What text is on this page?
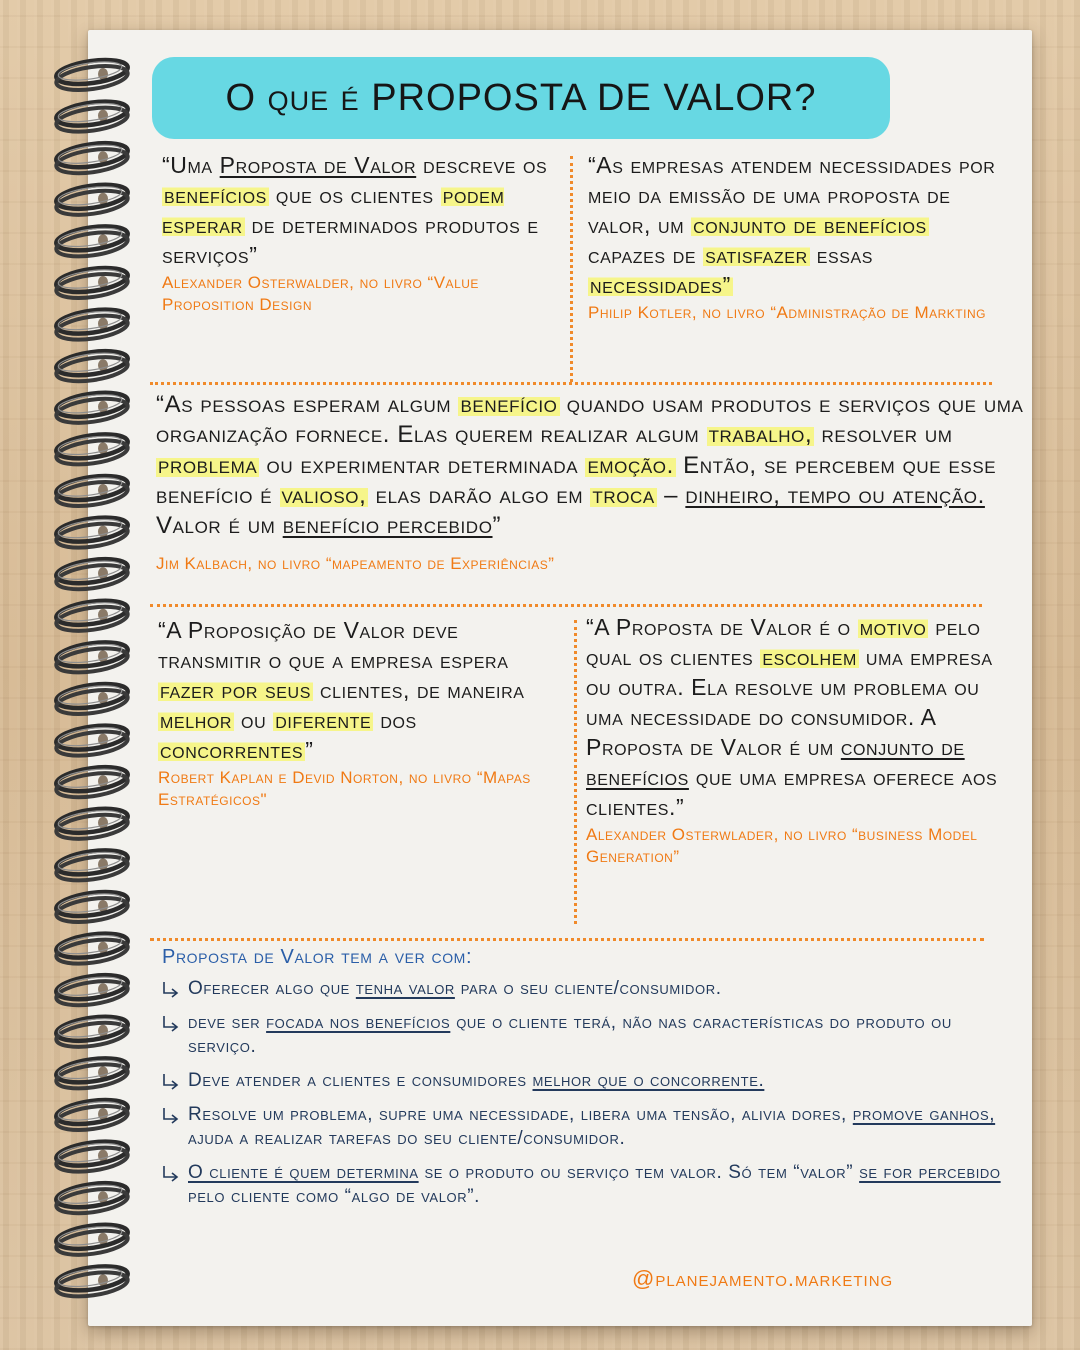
O que é PROPOSTA DE VALOR?

“Uma Proposta de Valor descreve os benefícios que os clientes podem esperar de determinados produtos e serviços”

Alexander Osterwalder, no livro “Value Proposition Design

“As empresas atendem necessidades por meio da emissão de uma proposta de valor, um conjunto de benefícios capazes de satisfazer essas necessidades”

Philip Kotler, no livro “Administração de Markting

“As pessoas esperam algum benefício quando usam produtos e serviços que uma organização fornece. Elas querem realizar algum trabalho, resolver um problema ou experimentar determinada emoção. Então, se percebem que esse benefício é valioso, elas darão algo em troca – dinheiro, tempo ou atenção. Valor é um benefício percebido”

Jim Kalbach, no livro “mapeamento de Experiências”

“A Proposição de Valor deve transmitir o que a empresa espera fazer por seus clientes, de maneira melhor ou diferente dos concorrentes”

Robert Kaplan e Devid Norton, no livro “Mapas Estratégicos"

“A Proposta de Valor é o motivo pelo qual os clientes escolhem uma empresa ou outra. Ela resolve um problema ou uma necessidade do consumidor. A Proposta de Valor é um conjunto de benefícios que uma empresa oferece aos clientes.”

Alexander Osterwlader, no livro “business Model Generation”
Proposta de Valor tem a ver com:
Oferecer algo que tenha valor para o seu cliente/consumidor.
deve ser focada nos benefícios que o cliente terá, não nas características do produto ou serviço.
Deve atender a clientes e consumidores melhor que o concorrente.
Resolve um problema, supre uma necessidade, libera uma tensão, alivia dores, promove ganhos, ajuda a realizar tarefas do seu cliente/consumidor.
O cliente é quem determina se o produto ou serviço tem valor. Só tem “valor” se for percebido pelo cliente como “algo de valor”.
@planejamento.marketing
